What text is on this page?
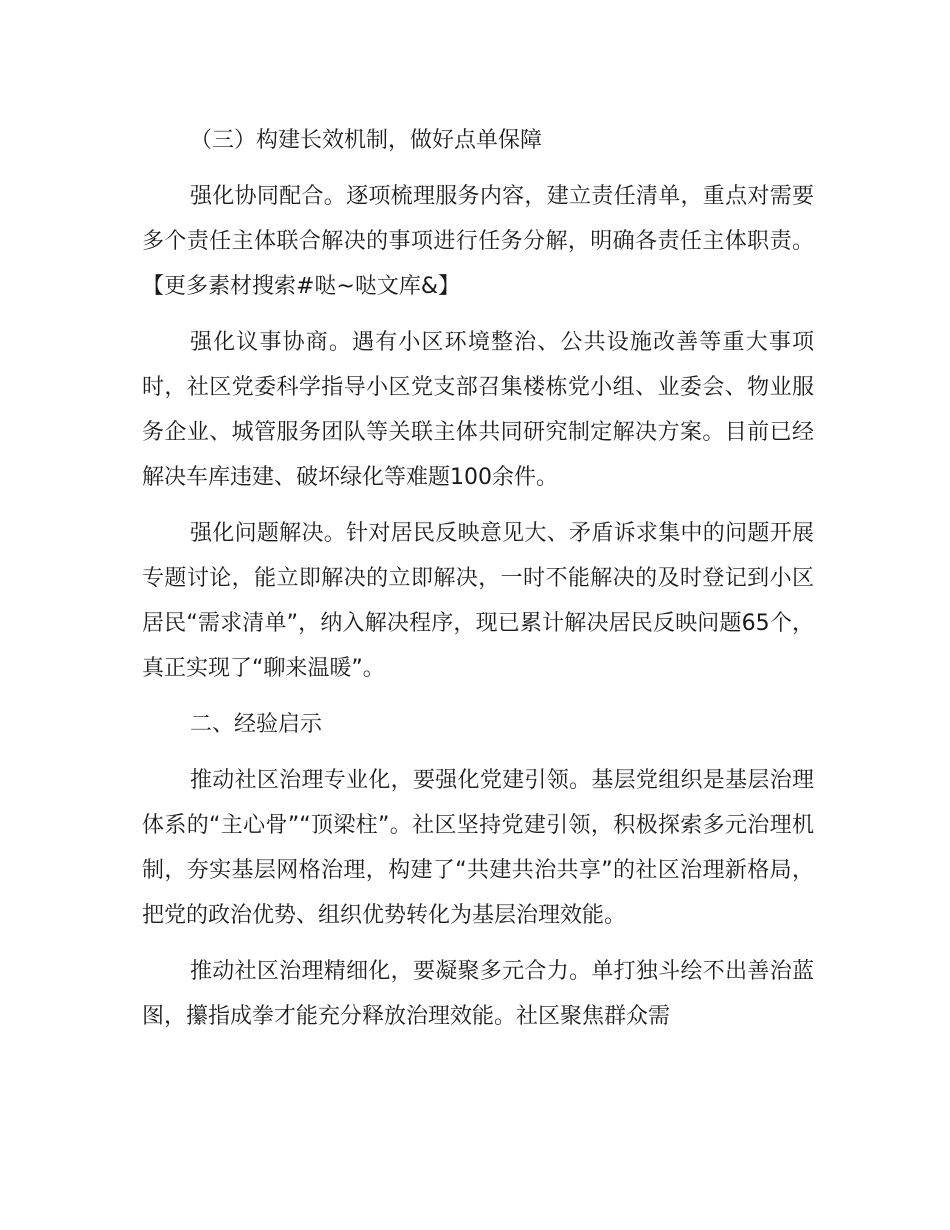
（三）构建长效机制，做好点单保障

强化协同配合。逐项梳理服务内容，建立责任清单，重点对需要多个责任主体联合解决的事项进行任务分解，明确各责任主体职责。【更多素材搜索#哒~哒文库&】

强化议事协商。遇有小区环境整治、公共设施改善等重大事项时，社区党委科学指导小区党支部召集楼栋党小组、业委会、物业服务企业、城管服务团队等关联主体共同研究制定解决方案。目前已经解决车库违建、破坏绿化等难题100余件。

强化问题解决。针对居民反映意见大、矛盾诉求集中的问题开展专题讨论，能立即解决的立即解决，一时不能解决的及时登记到小区居民“需求清单”，纳入解决程序，现已累计解决居民反映问题65个，真正实现了“聊来温暖”。

二、经验启示

推动社区治理专业化，要强化党建引领。基层党组织是基层治理体系的“主心骨”“顶梁柱”。社区坚持党建引领，积极探索多元治理机制，夯实基层网格治理，构建了“共建共治共享”的社区治理新格局，把党的政治优势、组织优势转化为基层治理效能。

推动社区治理精细化，要凝聚多元合力。单打独斗绘不出善治蓝图，攥指成拳才能充分释放治理效能。社区聚焦群众需
